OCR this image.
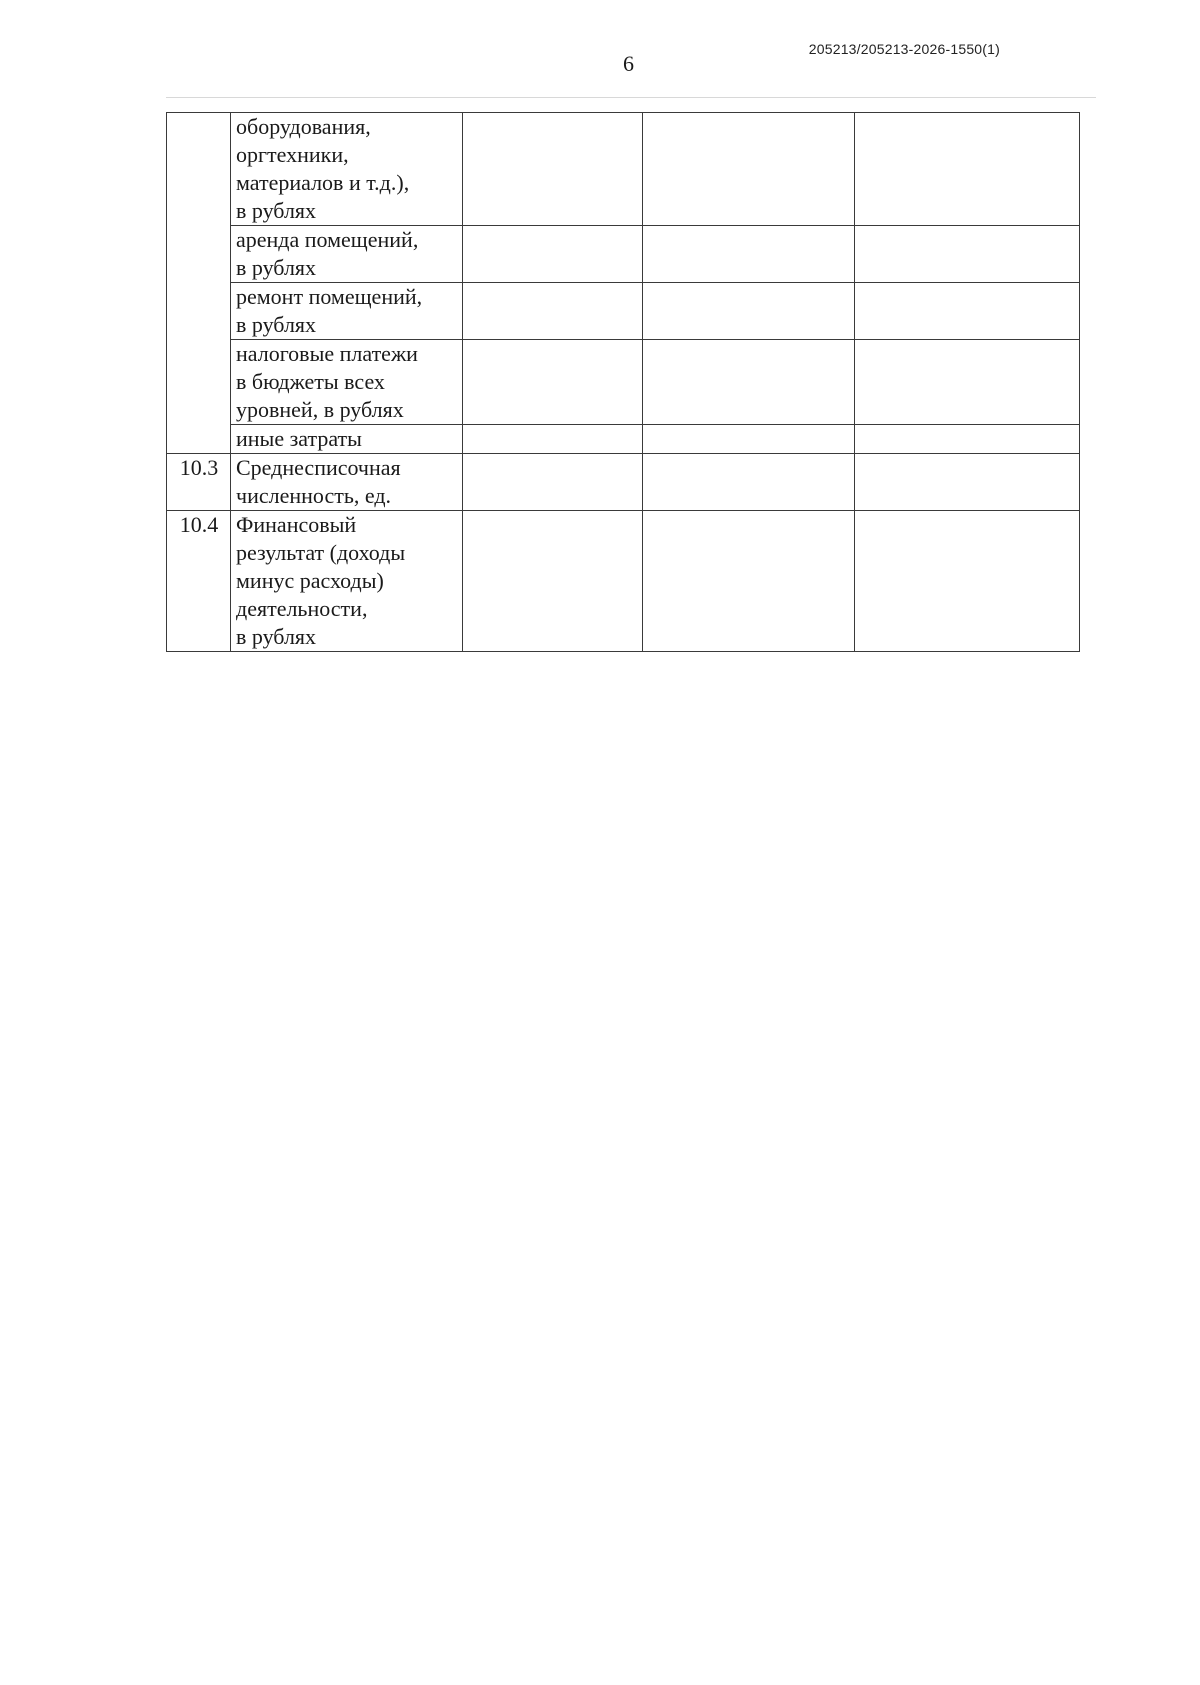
6
205213/205213-2026-1550(1)
	оборудования,
оргтехники,
материалов и т.д.),
в рублях			
	аренда помещений,
в рублях			
	ремонт помещений,
в рублях			
	налоговые платежи
в бюджеты всех
уровней, в рублях			
	иные затраты			
10.3	Среднесписочная
численность, ед.			
10.4	Финансовый
результат (доходы
минус расходы)
деятельности,
в рублях			
